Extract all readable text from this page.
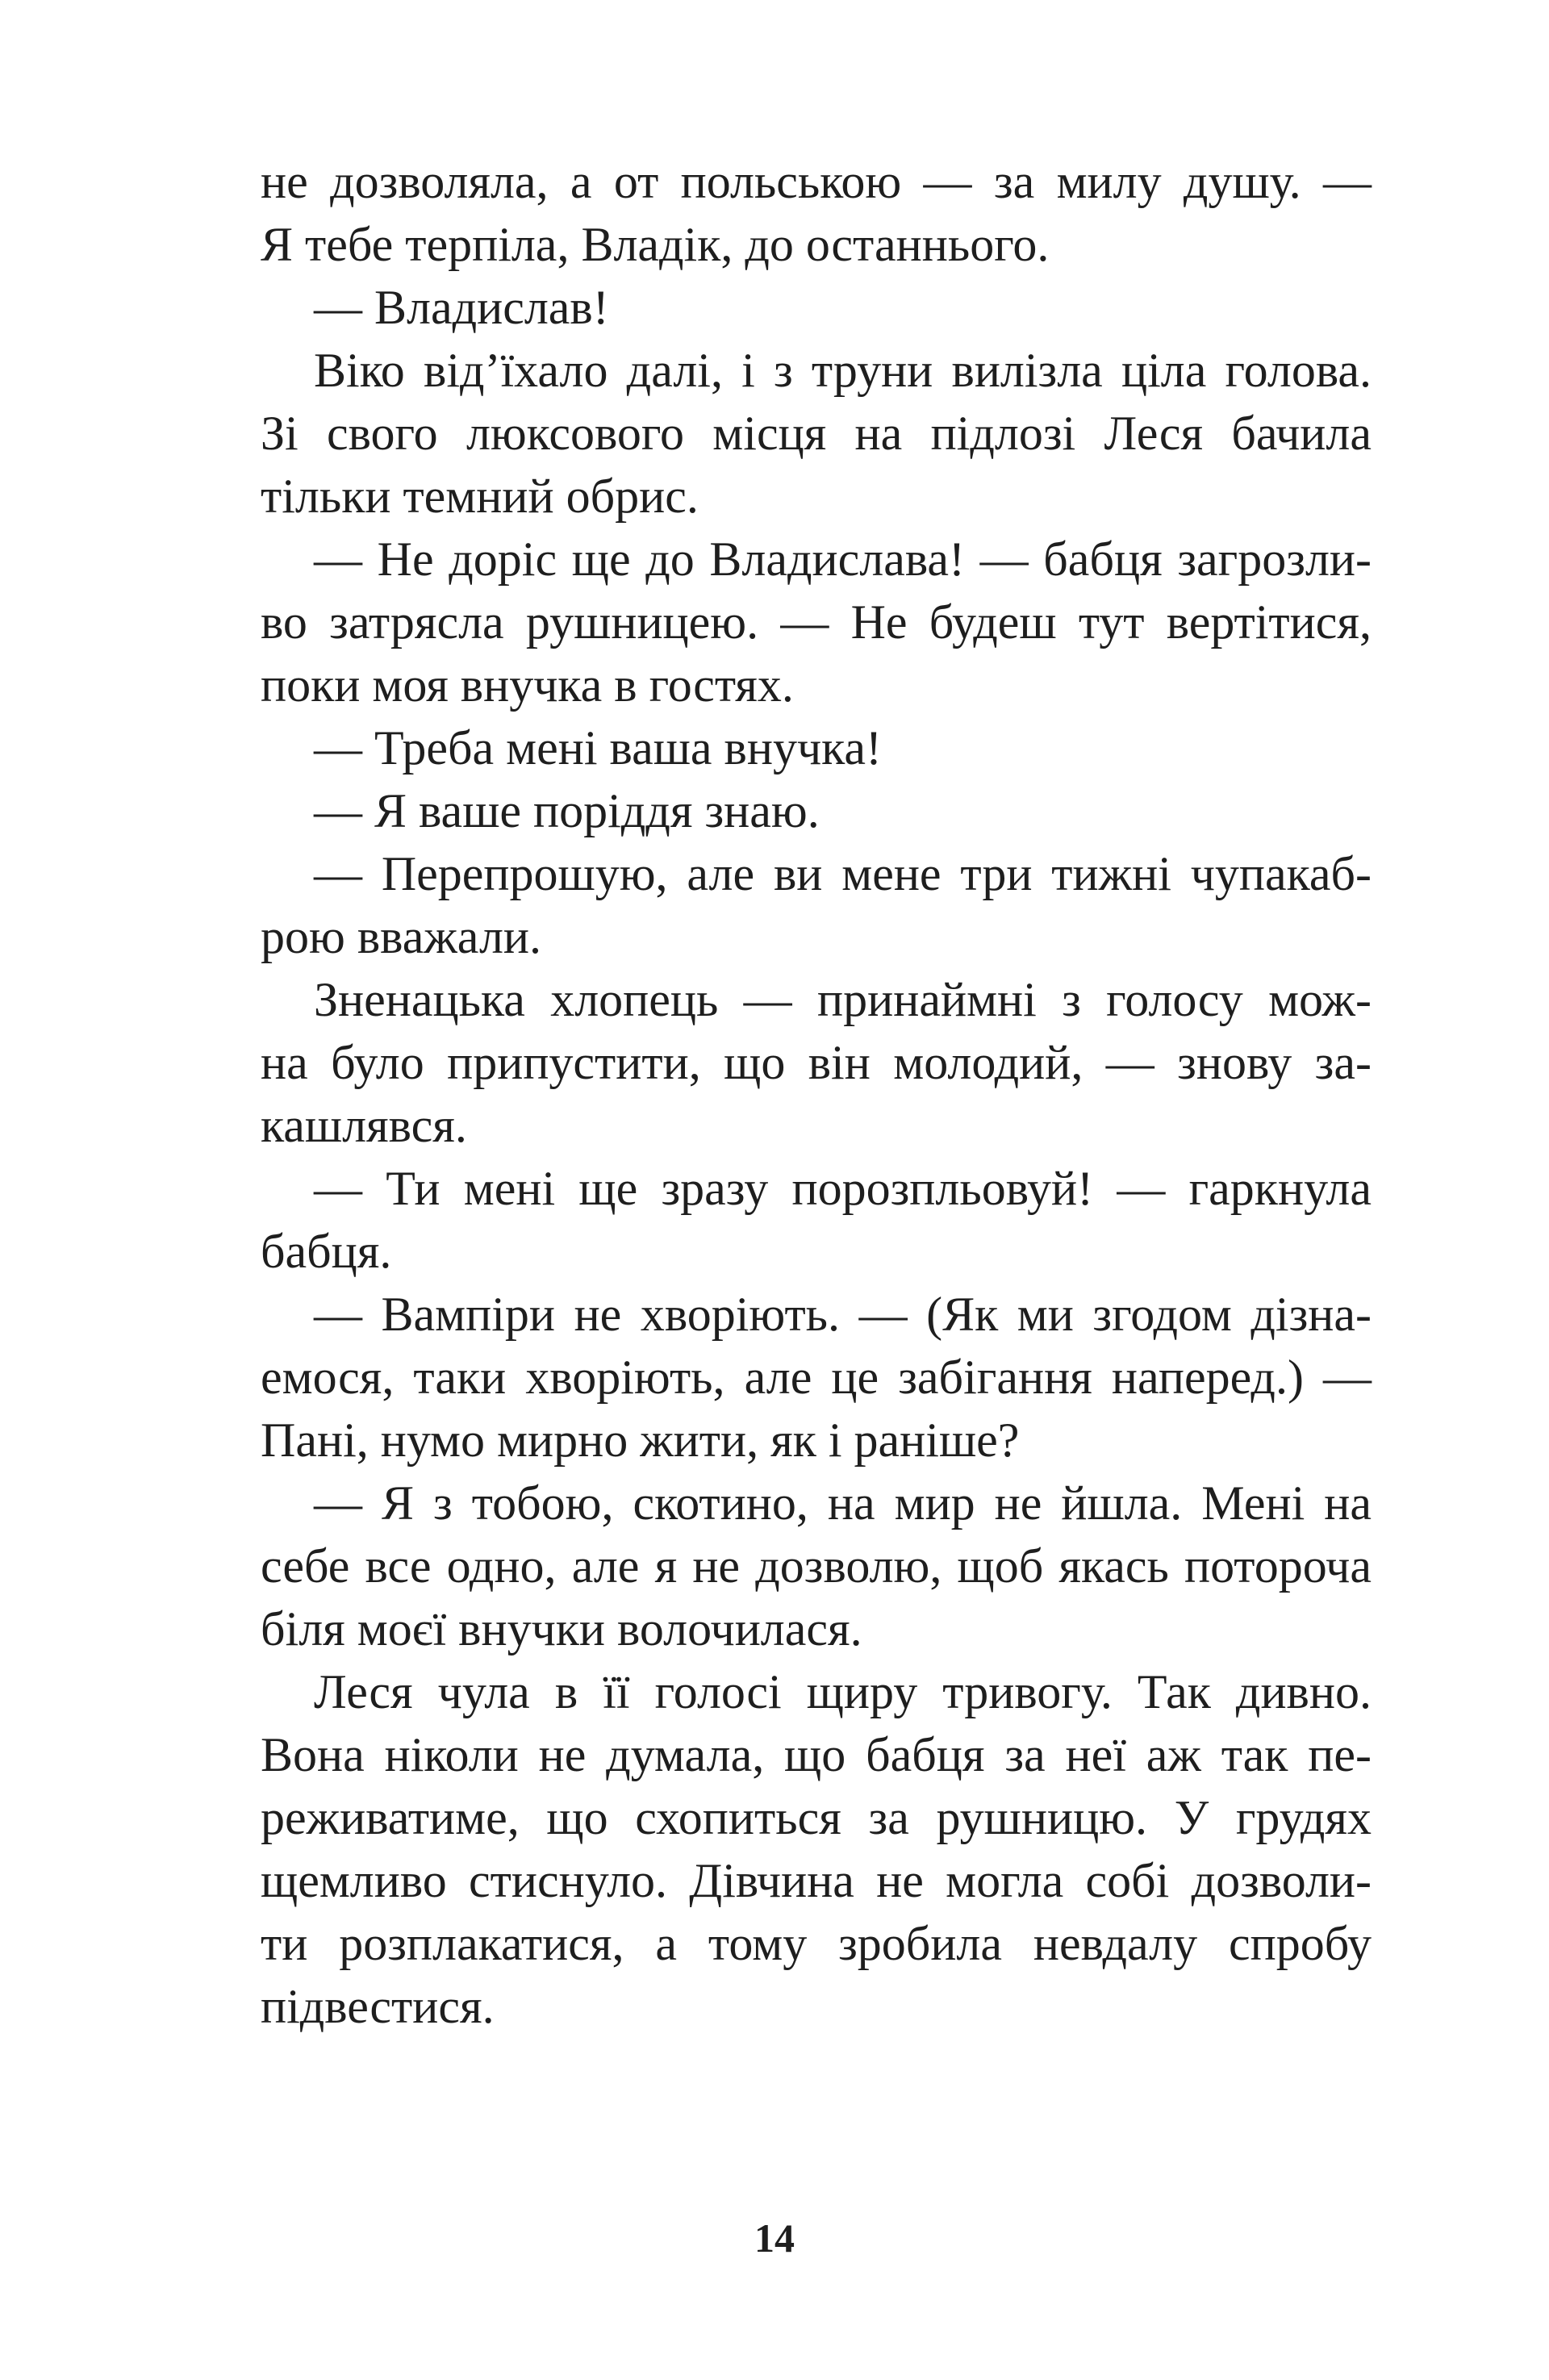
не дозволяла, а от польською — за милу душу. —
Я тебе терпіла, Владік, до останнього.
— Владислав!
Віко від’їхало далі, і з труни вилізла ціла голова.
Зі свого люксового місця на підлозі Леся бачила
тільки темний обрис.
— Не доріс ще до Владислава! — бабця загрозли-
во затрясла рушницею. — Не будеш тут вертітися,
поки моя внучка в гостях.
— Треба мені ваша внучка!
— Я ваше поріддя знаю.
— Перепрошую, але ви мене три тижні чупакаб-
рою вважали.
Зненацька хлопець — принаймні з голосу мож-
на було припустити, що він молодий, — знову за-
кашлявся.
— Ти мені ще зразу порозпльовуй! — гаркнула
бабця.
— Вампіри не хворіють. — (Як ми згодом дізна-
емося, таки хворіють, але це забігання наперед.) —
Пані, нумо мирно жити, як і раніше?
— Я з тобою, скотино, на мир не йшла. Мені на
себе все одно, але я не дозволю, щоб якась потороча
біля моєї внучки волочилася.
Леся чула в її голосі щиру тривогу. Так дивно.
Вона ніколи не думала, що бабця за неї аж так пе-
реживатиме, що схопиться за рушницю. У грудях
щемливо стиснуло. Дівчина не могла собі дозволи-
ти розплакатися, а тому зробила невдалу спробу
підвестися.
14
